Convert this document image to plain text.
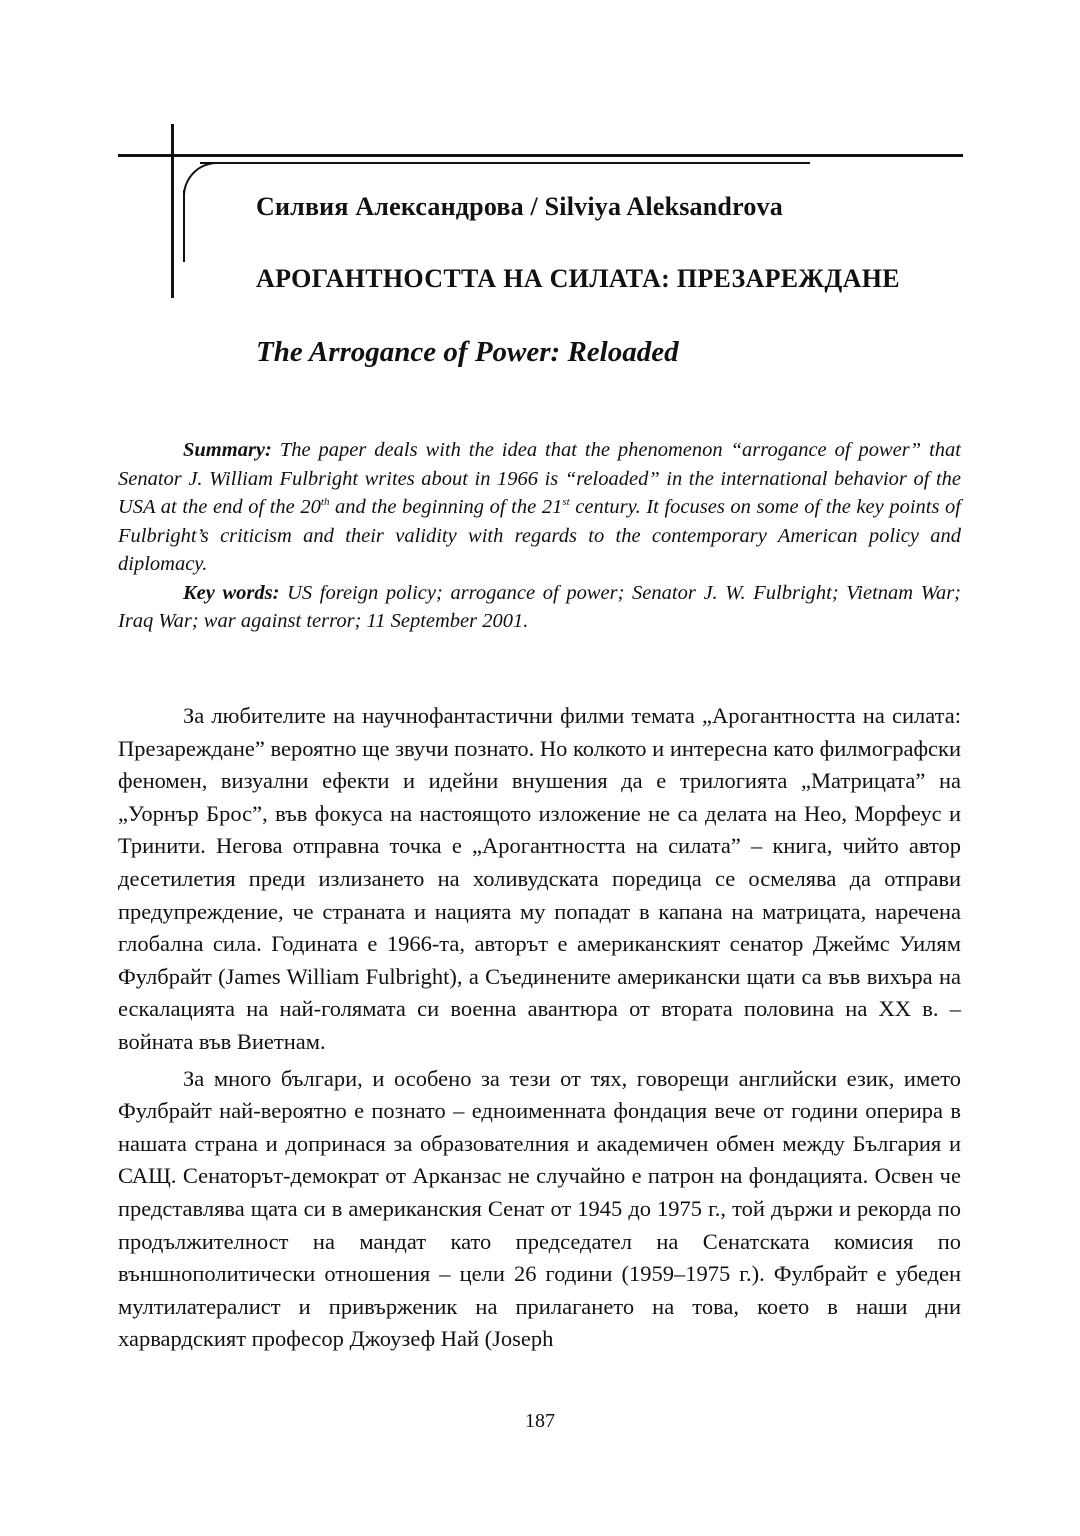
Силвия Александрова / Silviya Aleksandrova
АРОГАНТНОСТТА НА СИЛАТА: ПРЕЗАРЕЖДАНЕ
The Arrogance of Power: Reloaded

Summary: The paper deals with the idea that the phenomenon “arrogance of power” that Senator J. William Fulbright writes about in 1966 is “reloaded” in the international behavior of the USA at the end of the 20th and the beginning of the 21st century. It focuses on some of the key points of Fulbright’s criticism and their validity with regards to the contemporary American policy and diplomacy.

Key words: US foreign policy; arrogance of power; Senator J. W. Fulbright; Vietnam War; Iraq War; war against terror; 11 September 2001.

За любителите на научнофантастични филми темата „Арогантността на силата: Презареждане” вероятно ще звучи познато. Но колкото и интересна като филмографски феномен, визуални ефекти и идейни внушения да е трилогията „Матрицата” на „Уорнър Брос”, във фокуса на настоящото изложение не са делата на Нео, Морфеус и Тринити. Негова отправна точка е „Арогантността на силата” – книга, чийто автор десетилетия преди излизането на холивудската поредица се осмелява да отправи предупреждение, че страната и нацията му попадат в капана на матрицата, наречена глобална сила. Годината е 1966-та, авторът е американският сенатор Джеймс Уилям Фулбрайт (James William Fulbright), а Съединените американски щати са във вихъра на ескалацията на най-голямата си военна авантюра от втората половина на XX в. – войната във Виетнам.

За много българи, и особено за тези от тях, говорещи английски език, името Фулбрайт най-вероятно е познато – едноименната фондация вече от години оперира в нашата страна и допринася за образователния и академичен обмен между България и САЩ. Сенаторът-демократ от Арканзас не случайно е патрон на фондацията. Освен че представлява щата си в американския Сенат от 1945 до 1975 г., той държи и рекорда по продължителност на мандат като председател на Сенатската комисия по външнополитически отношения – цели 26 години (1959–1975 г.). Фулбрайт е убеден мултилатералист и привърженик на прилагането на това, което в наши дни харвардският професор Джоузеф Най (Joseph

187
